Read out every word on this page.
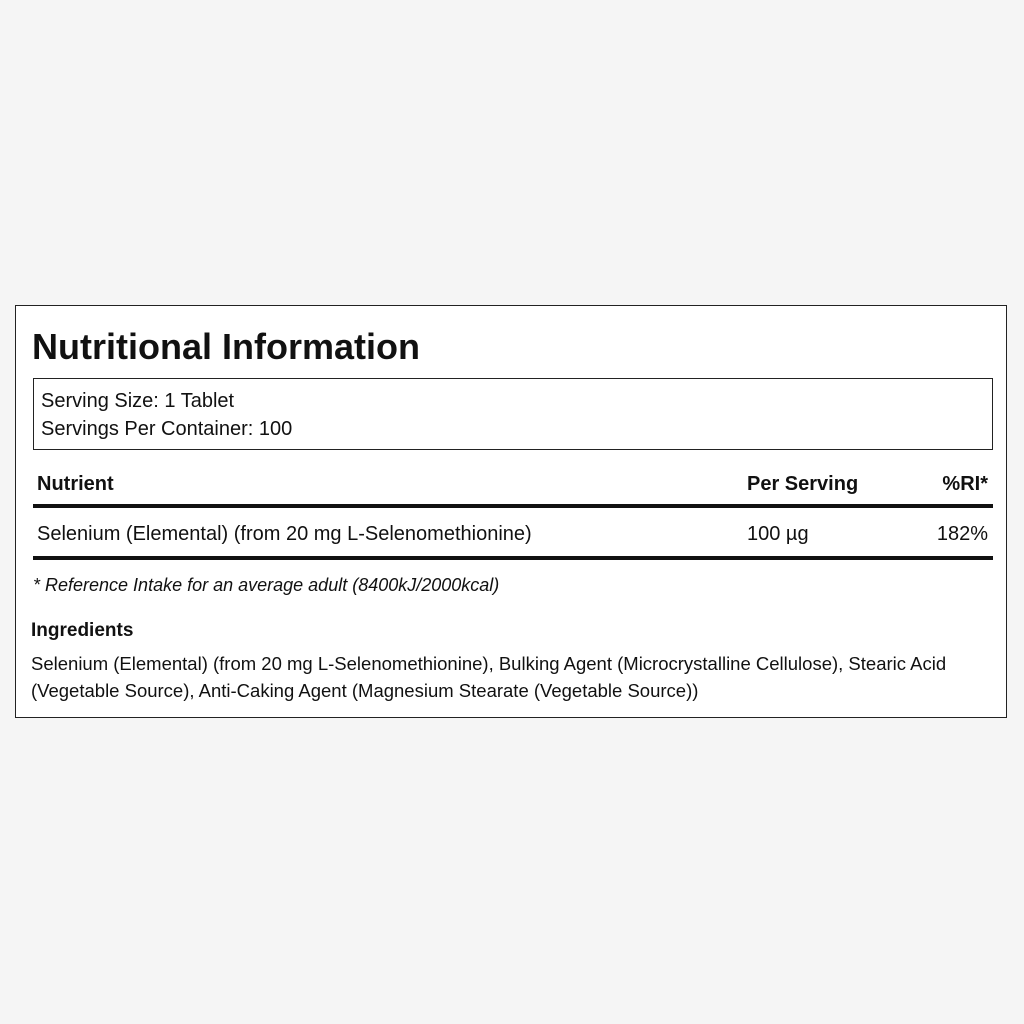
Nutritional Information
Serving Size: 1 Tablet
Servings Per Container: 100
Nutrient	Per Serving	%RI*
Selenium (Elemental) (from 20 mg L-Selenomethionine)	100 µg	182%
* Reference Intake for an average adult (8400kJ/2000kcal)
Ingredients
Selenium (Elemental) (from 20 mg L-Selenomethionine), Bulking Agent (Microcrystalline Cellulose), Stearic Acid (Vegetable Source), Anti-Caking Agent (Magnesium Stearate (Vegetable Source))
